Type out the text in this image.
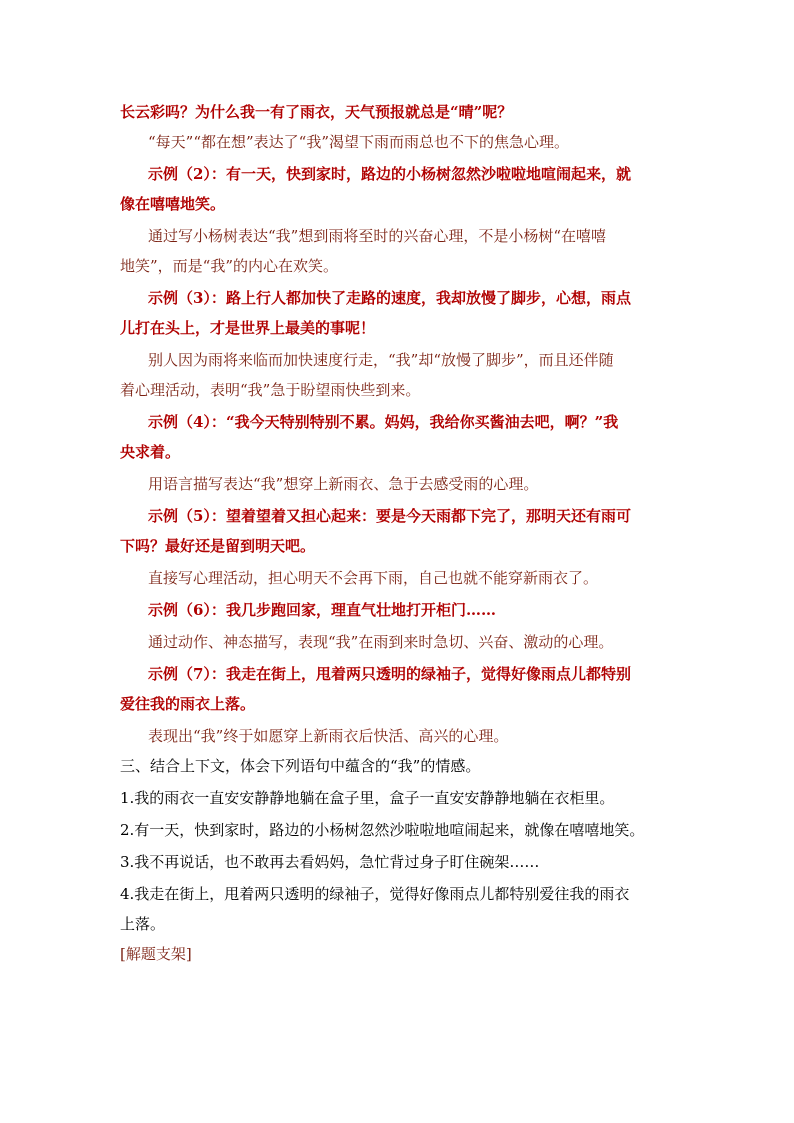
长云彩吗？为什么我一有了雨衣，天气预报就总是“晴”呢？
“每天”“都在想”表达了“我”渴望下雨而雨总也不下的焦急心理。
示例（2）：有一天，快到家时，路边的小杨树忽然沙啦啦地喧闹起来，就
像在嘻嘻地笑。
通过写小杨树表达“我”想到雨将至时的兴奋心理，不是小杨树“在嘻嘻
地笑”，而是“我”的内心在欢笑。
示例（3）：路上行人都加快了走路的速度，我却放慢了脚步，心想，雨点
儿打在头上，才是世界上最美的事呢！
别人因为雨将来临而加快速度行走，“我”却“放慢了脚步”，而且还伴随
着心理活动，表明“我”急于盼望雨快些到来。
示例（4）：“我今天特别特别不累。妈妈，我给你买酱油去吧，啊？”我
央求着。
用语言描写表达“我”想穿上新雨衣、急于去感受雨的心理。
示例（5）：望着望着又担心起来：要是今天雨都下完了，那明天还有雨可
下吗？最好还是留到明天吧。
直接写心理活动，担心明天不会再下雨，自己也就不能穿新雨衣了。
示例（6）：我几步跑回家，理直气壮地打开柜门……
通过动作、神态描写，表现“我”在雨到来时急切、兴奋、激动的心理。
示例（7）：我走在街上，甩着两只透明的绿袖子，觉得好像雨点儿都特别
爱往我的雨衣上落。
表现出“我”终于如愿穿上新雨衣后快活、高兴的心理。
三、结合上下文，体会下列语句中蕴含的“我”的情感。
1.我的雨衣一直安安静静地躺在盒子里，盒子一直安安静静地躺在衣柜里。
2.有一天，快到家时，路边的小杨树忽然沙啦啦地喧闹起来，就像在嘻嘻地笑。
3.我不再说话，也不敢再去看妈妈，急忙背过身子盯住碗架……
4.我走在街上，甩着两只透明的绿袖子，觉得好像雨点儿都特别爱往我的雨衣
上落。
[解题支架]
